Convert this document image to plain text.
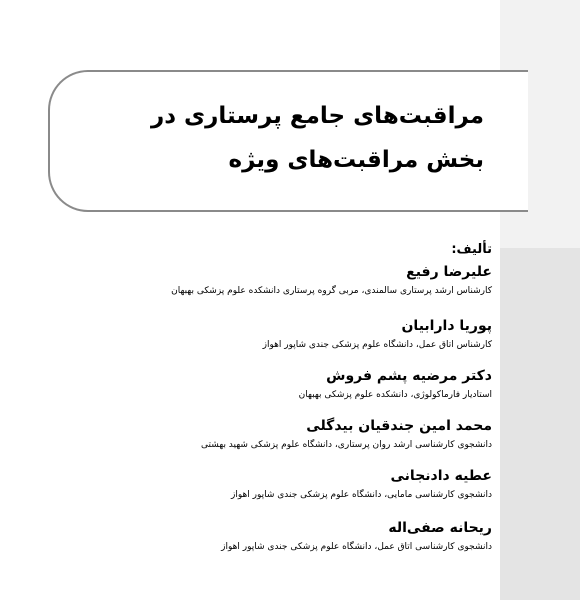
مراقبت‌های جامع پرستاری در
بخش مراقبت‌های ویژه
تألیف:
علیرضا رفیع
کارشناس ارشد پرستاری سالمندی، مربی گروه پرستاری دانشکده علوم پزشکی بهبهان
پوریا دارابیان
کارشناس اتاق عمل، دانشگاه علوم پزشکی جندی شاپور اهواز
دکتر مرضیه پشم فروش
استادیار فارماکولوژی، دانشکده علوم پزشکی بهبهان
محمد امین جندقیان بیدگلی
دانشجوی کارشناسی ارشد روان پرستاری، دانشگاه علوم پزشکی شهید بهشتی
عطیه دادنجانی
دانشجوی کارشناسی مامایی، دانشگاه علوم پزشکی جندی شاپور اهواز
ریحانه صفی‌اله
دانشجوی کارشناسی اتاق عمل، دانشگاه علوم پزشکی جندی شاپور اهواز
